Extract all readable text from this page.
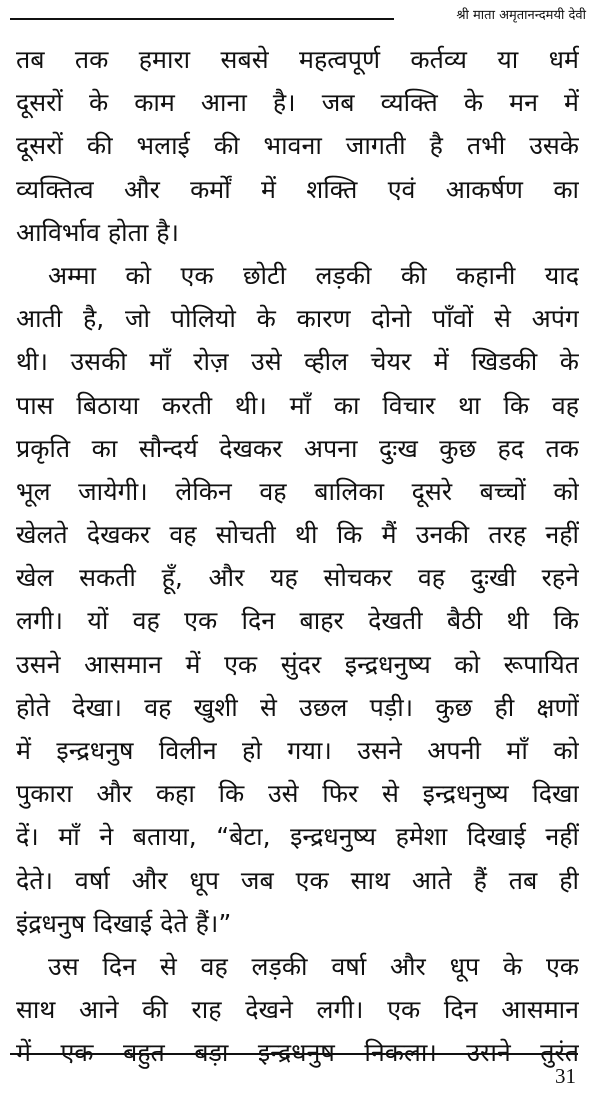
श्री माता अमृतानन्दमयी देवी
तब तक हमारा सबसे महत्वपूर्ण कर्तव्य या धर्म
दूसरों के काम आना है। जब व्यक्ति के मन में
दूसरों की भलाई की भावना जागती है तभी उसके
व्यक्तित्व और कर्मों में शक्ति एवं आकर्षण का
आविर्भाव होता है।
अम्मा को एक छोटी लड़की की कहानी याद
आती है, जो पोलियो के कारण दोनो पाँवों से अपंग
थी। उसकी माँ रोज़ उसे व्हील चेयर में खिडकी के
पास बिठाया करती थी। माँ का विचार था कि वह
प्रकृति का सौन्दर्य देखकर अपना दुःख कुछ हद तक
भूल जायेगी। लेकिन वह बालिका दूसरे बच्चों को
खेलते देखकर वह सोचती थी कि मैं उनकी तरह नहीं
खेल सकती हूँ, और यह सोचकर वह दुःखी रहने
लगी। यों वह एक दिन बाहर देखती बैठी थी कि
उसने आसमान में एक सुंदर इन्द्रधनुष्य को रूपायित
होते देखा। वह खुशी से उछल पड़ी। कुछ ही क्षणों
में इन्द्रधनुष विलीन हो गया। उसने अपनी माँ को
पुकारा और कहा कि उसे फिर से इन्द्रधनुष्य दिखा
दें। माँ ने बताया, “बेटा, इन्द्रधनुष्य हमेशा दिखाई नहीं
देते। वर्षा और धूप जब एक साथ आते हैं तब ही
इंद्रधनुष दिखाई देते हैं।”
उस दिन से वह लड़की वर्षा और धूप के एक
साथ आने की राह देखने लगी। एक दिन आसमान
में एक बहुत बड़ा इन्द्रधनुष निकला। उसने तुरंत
31
